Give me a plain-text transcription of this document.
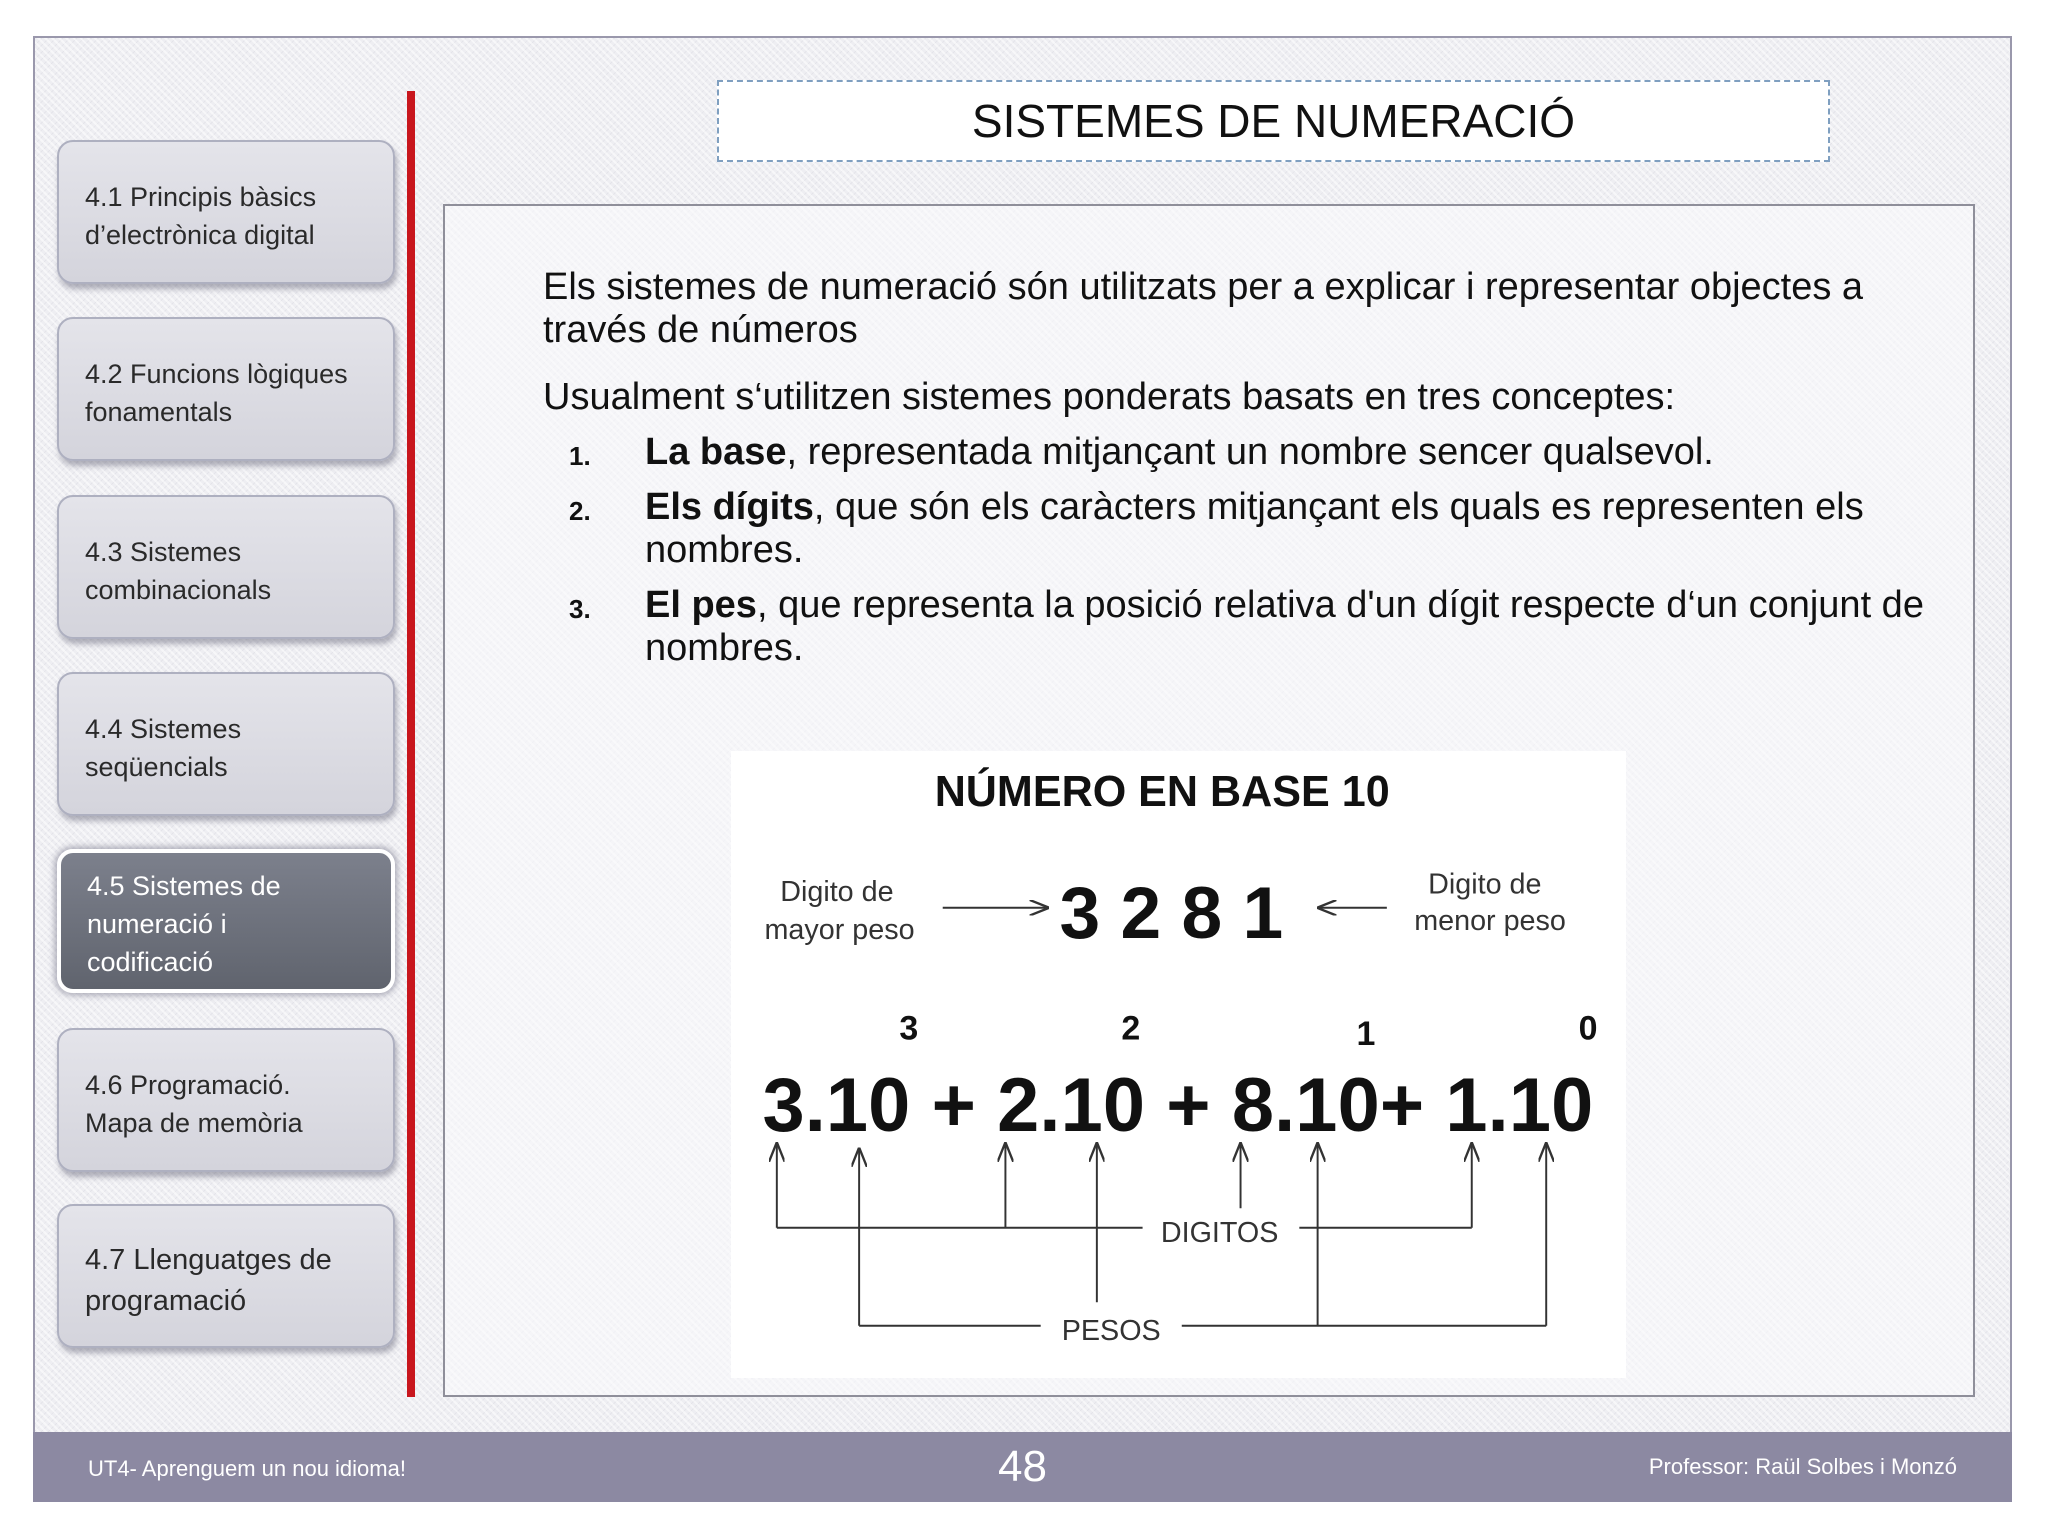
4.1 Principis bàsics
d’electrònica digital
4.2 Funcions lògiques
fonamentals
4.3 Sistemes
combinacionals
4.4 Sistemes
seqüencials
4.5 Sistemes de
numeració i
codificació
4.6 Programació.
Mapa de memòria
4.7 Llenguatges de
programació
SISTEMES DE NUMERACIÓ

Els sistemes de numeració són utilitzats per a explicar i representar objectes a través de números

Usualment s‘utilitzen sistemes ponderats basats en tres conceptes:

1. La base, representada mitjançant un nombre sencer qualsevol.
2. Els dígits, que són els caràcters mitjançant els quals es representen els nombres.
3. El pes, que representa la posició relativa d'un dígit respecte d‘un conjunt de nombres.
NÚMERO EN BASE 10
Digito de
mayor peso	3 2 8 1	Digito de
menor peso
3.10 + 2.10 + 8.10+ 1.10
3	2	1	0
DIGITOS
PESOS
UT4- Aprenguem un nou idioma!	48	Professor: Raül Solbes i Monzó
